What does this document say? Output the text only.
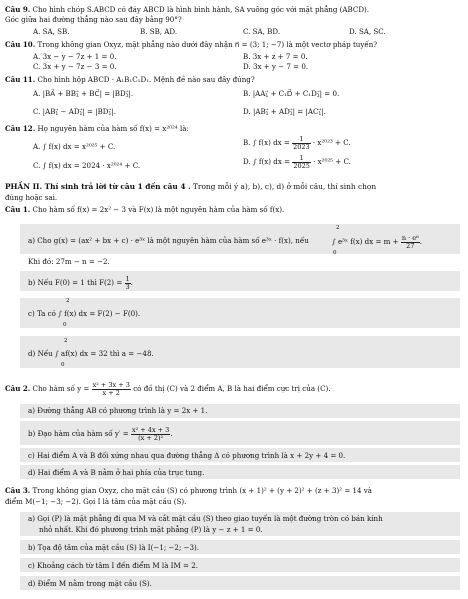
Câu 9. Cho hình chóp S.ABCD có đáy ABCD là hình bình hành, SA vuông góc với mặt phẳng (ABCD).
Góc giữa hai đường thẳng nào sau đây bằng 90°?
A. SA, SB.	B. SB, AD.	C. SA, BD.	D. SA, SC.
Câu 10. Trong không gian Oxyz, mặt phẳng nào dưới đây nhận n⃗ = (3; 1; −7) là một vectơ pháp tuyến?
A. 3x − y − 7z + 1 = 0.	B. 3x + z + 7 = 0.
C. 3x + y − 7z − 3 = 0.	D. 3x + y − 7 = 0.
Câu 11. Cho hình hộp ABCD · A₁B₁C₁D₁. Mệnh đề nào sau đây đúng?
A. |BA⃗ + BB₁⃗ + BC⃗| = |BD₁⃗|.	B. |AA₁⃗ + C₁D⃗ + C₁D₁⃗| = 0.
C. |AB₁⃗ − AD₁⃗| = |BD₁⃗|.	D. |AB₁⃗ + AD₁⃗| = |AC₁⃗|.
Câu 12. Họ nguyên hàm của hàm số f(x) = x²⁰²⁴ là:
A. ∫ f(x) dx = x²⁰²⁵ + C.	B. ∫ f(x) dx = $\frac{1}{2023} \cdot x^{2023} + C$.
C. ∫ f(x) dx = 2024 · x²⁰²⁴ + C.	D. ∫ f(x) dx = $\frac{1}{2025} \cdot x^{2025} + C$.
PHẦN II. Thí sinh trả lời từ câu 1 đến câu 4 . Trong mỗi ý a), b), c), d) ở mỗi câu, thí sinh chọn
đúng hoặc sai.
Câu 1. Cho hàm số f(x) = 2x² − 3 và F(x) là một nguyên hàm của hàm số f(x).
a) Cho g(x) = (ax² + bx + c) · e³ˣ là một nguyên hàm của hàm số e³ˣ · f(x), nếu	∫ e³ˣ f(x) dx = $m + \frac{\text{n · e⁶}}{27}$ .
2
0
Khi đó: 27m − n = −2.
b) Nếu F(0) = 1 thì $F(2) = \frac{1}{3}$ .
c) Ta có ∫ f(x) dx = F(2) − F(0).
2
0
d) Nếu ∫ af(x) dx = 32 thì a = −48.
2
0
Câu 2. Cho hàm số $y = \frac{\text{x² + 3x + 3}}{x + 2}$ có đồ thị (C) và 2 điểm A, B là hai điểm cực trị của (C).
a) Đường thẳng AB có phương trình là y = 2x + 1.
b) Đạo hàm của hàm số $y' = \frac{\text{x² + 4x + 3}}{\text{(x + 2)²}}$ .
c) Hai điểm A và B đối xứng nhau qua đường thẳng Δ có phương trình là x + 2y + 4 = 0.
d) Hai điểm A và B nằm ở hai phía của trục tung.
Câu 3. Trong không gian Oxyz, cho mặt cầu (S) có phương trình (x + 1)² + (y + 2)² + (z + 3)² = 14 và
điểm M(−1; −3; −2). Gọi I là tâm của mặt cầu (S).
a) Gọi (P) là mặt phẳng đi qua M và cắt mặt cầu (S) theo giao tuyến là một đường tròn có bán kính
nhỏ nhất. Khi đó phương trình mặt phẳng (P) là y − z + 1 = 0.
b) Tọa độ tâm của mặt cầu (S) là I(−1; −2; −3).
c) Khoảng cách từ tâm I đến điểm M là IM = 2.
d) Điểm M nằm trong mặt cầu (S).
